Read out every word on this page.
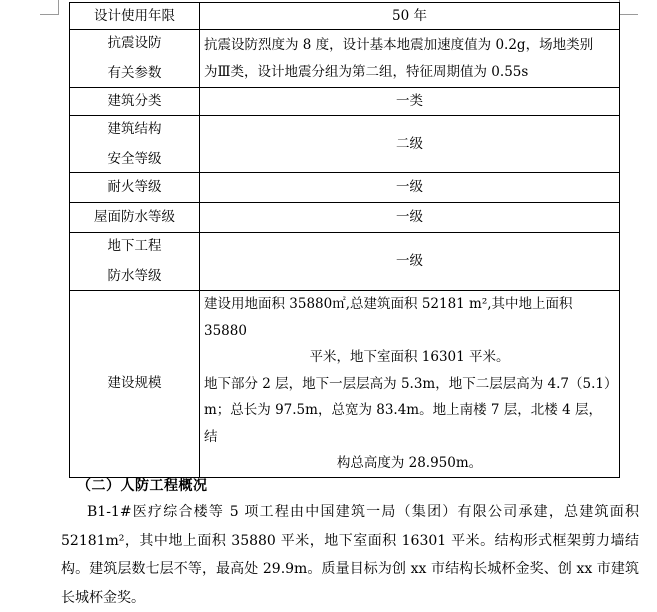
设计使用年限	50 年

抗震设防
有关参数	抗震设防烈度为 8 度，设计基本地震加速度值为 0.2g，场地类别
为Ⅲ类，设计地震分组为第二组，特征周期值为 0.55s

建筑分类	一类

建筑结构
安全等级	二级

耐火等级	一级

屋面防水等级	一级

地下工程
防水等级	一级

建设规模	建设用地面积 35880㎡,总建筑面积 52181 m²,其中地上面积 35880
平米，地下室面积 16301 平米。
地下部分 2 层，地下一层层高为 5.3m，地下二层层高为 4.7（5.1）
m；总长为 97.5m，总宽为 83.4m。地上南楼 7 层，北楼 4 层，结
构总高度为 28.950m。
（二）人防工程概况
B1-1#医疗综合楼等 5 项工程由中国建筑一局（集团）有限公司承建，总建筑面积 52181m²，其中地上面积 35880 平米，地下室面积 16301 平米。结构形式框架剪力墙结构。建筑层数七层不等，最高处 29.9m。质量目标为创 xx 市结构长城杯金奖、创 xx 市建筑长城杯金奖。
